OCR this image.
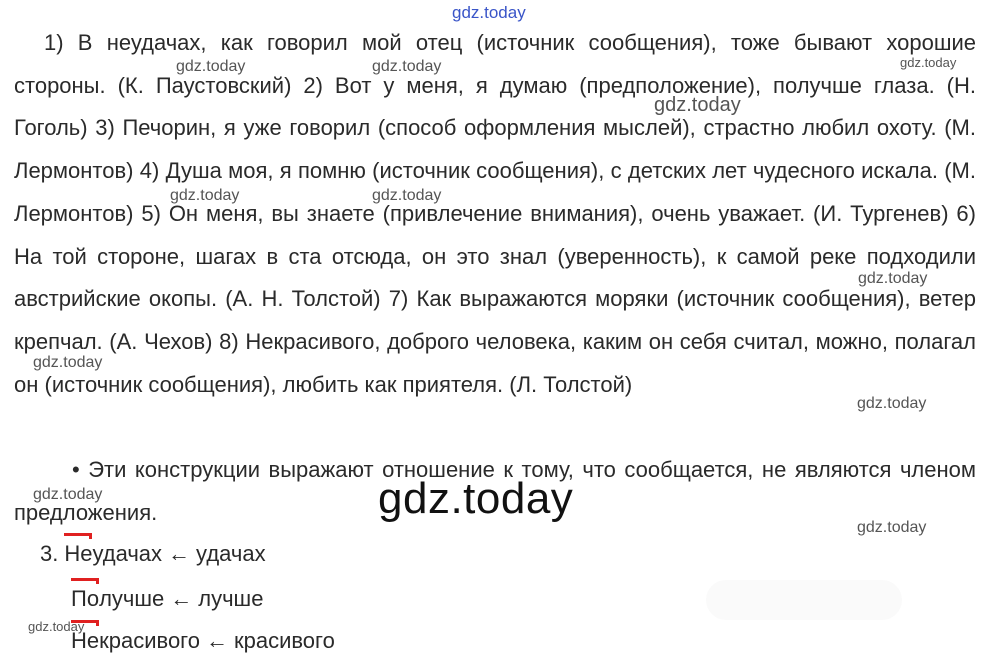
1) В неудачах, как говорил мой отец (источник сообщения), тоже бывают хорошие стороны. (К. Паустовский) 2) Вот у меня, я думаю (предположение), получше глаза. (Н. Гоголь) 3) Печорин, я уже говорил (способ оформления мыслей), страстно любил охоту. (М. Лермонтов) 4) Душа моя, я помню (источник сообщения), с детских лет чудесного искала. (М. Лермонтов) 5) Он меня, вы знаете (привлечение внимания), очень уважает. (И. Тургенев) 6) На той стороне, шагах в ста отсюда, он это знал (уверенность), к самой реке подходили австрийские окопы. (А. Н. Толстой) 7) Как выражаются моряки (источник сообщения), ветер крепчал. (А. Чехов) 8) Некрасивого, доброго человека, каким он себя считал, можно, полагал он (источник сообщения), любить как приятеля. (Л. Толстой)
• Эти конструкции выражают отношение к тому, что сообщается, не являются членом предложения.
3. Неудачах ← удачах
Получше ← лучше
Некрасивого ← красивого
gdz.today
gdz.today	gdz.today	gdz.today
gdz.today
gdz.today	gdz.today
gdz.today
gdz.today
gdz.today
gdz.today	gdz.today
gdz.today
gdz.today
